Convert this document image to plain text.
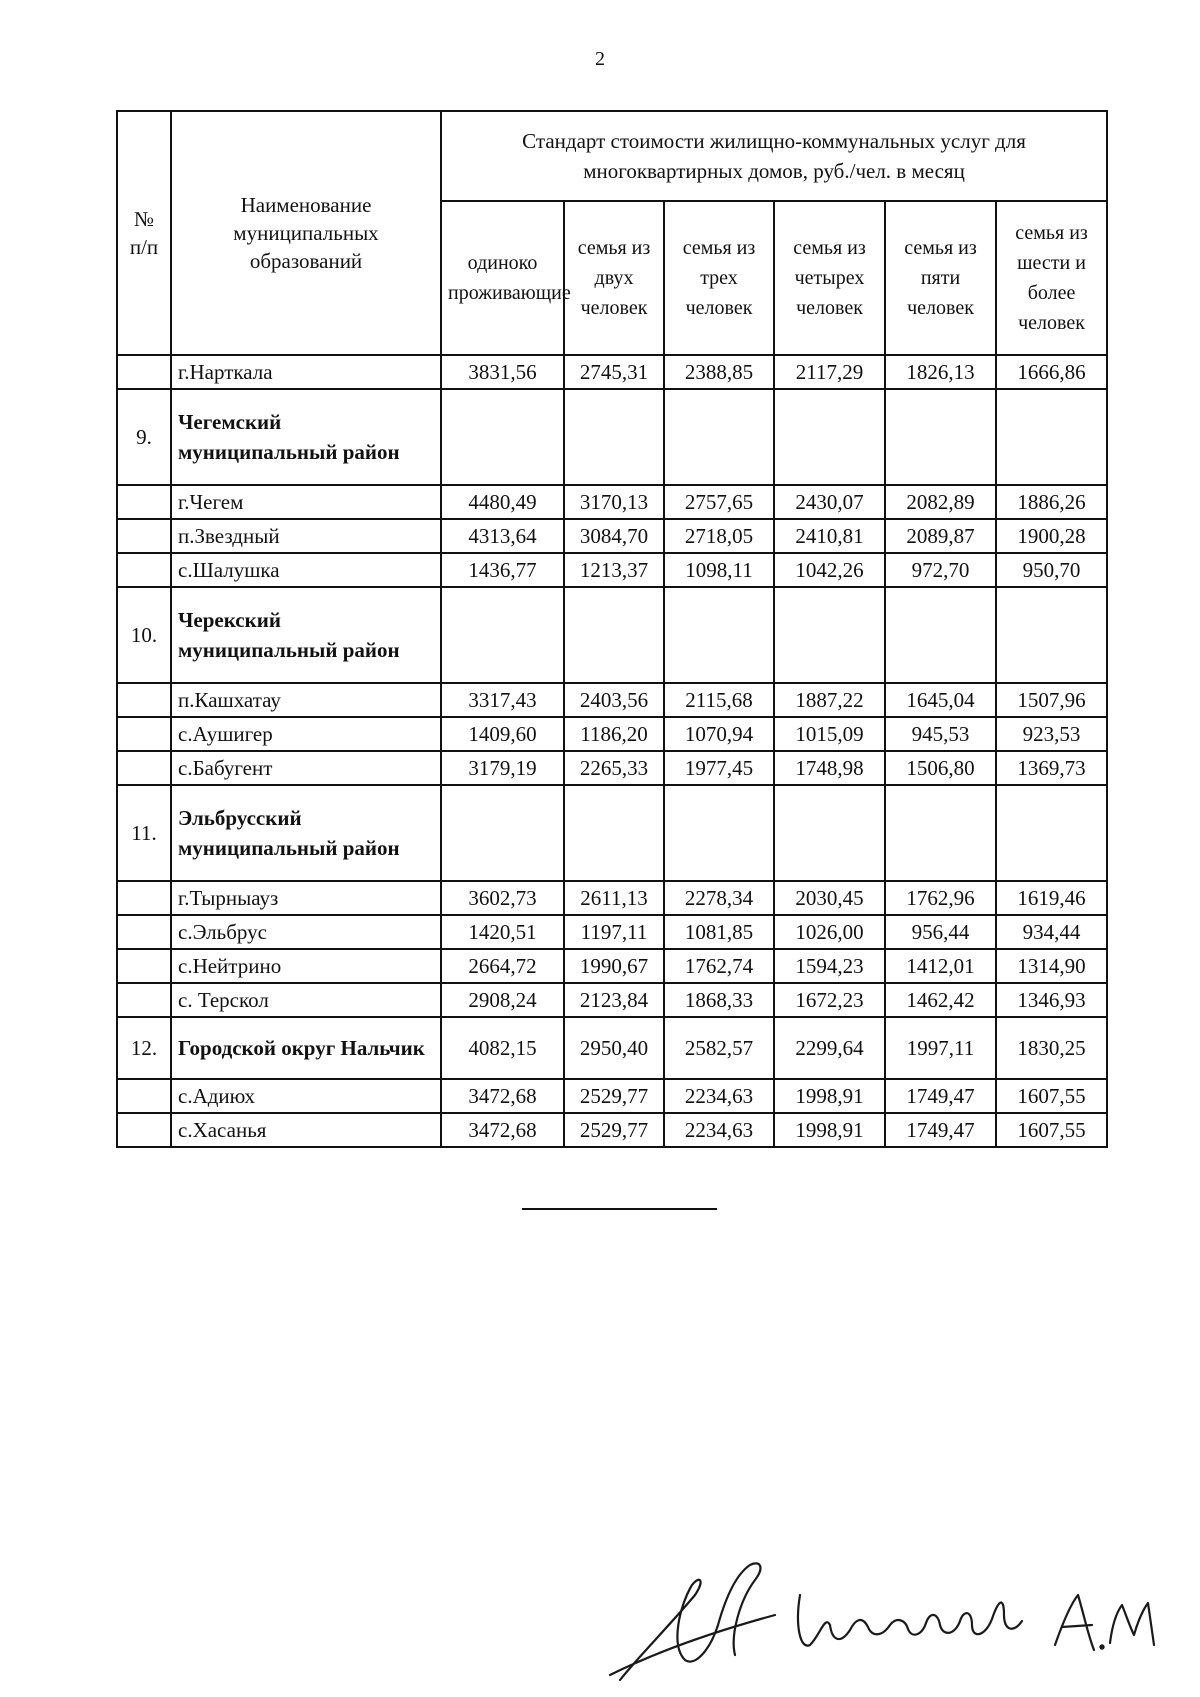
2
№ п/п	Наименование муниципальных образований	Стандарт стоимости жилищно-коммунальных услуг для многоквартирных домов, руб./чел. в месяц					
		одиноко проживающие	семья из двух человек	семья из трех человек	семья из четырех человек	семья из пяти человек	семья из шести и более человек
	г.Нарткала	3831,56	2745,31	2388,85	2117,29	1826,13	1666,86
9.	Чегемский муниципальный район						
	г.Чегем	4480,49	3170,13	2757,65	2430,07	2082,89	1886,26
	п.Звездный	4313,64	3084,70	2718,05	2410,81	2089,87	1900,28
	с.Шалушка	1436,77	1213,37	1098,11	1042,26	972,70	950,70
10.	Черекский муниципальный район						
	п.Кашхатау	3317,43	2403,56	2115,68	1887,22	1645,04	1507,96
	с.Аушигер	1409,60	1186,20	1070,94	1015,09	945,53	923,53
	с.Бабугент	3179,19	2265,33	1977,45	1748,98	1506,80	1369,73
11.	Эльбрусский муниципальный район						
	г.Тырныауз	3602,73	2611,13	2278,34	2030,45	1762,96	1619,46
	с.Эльбрус	1420,51	1197,11	1081,85	1026,00	956,44	934,44
	с.Нейтрино	2664,72	1990,67	1762,74	1594,23	1412,01	1314,90
	с. Терскол	2908,24	2123,84	1868,33	1672,23	1462,42	1346,93
12.	Городской округ Нальчик	4082,15	2950,40	2582,57	2299,64	1997,11	1830,25
	с.Адиюх	3472,68	2529,77	2234,63	1998,91	1749,47	1607,55
	с.Хасанья	3472,68	2529,77	2234,63	1998,91	1749,47	1607,55
Муравьев А.И.
